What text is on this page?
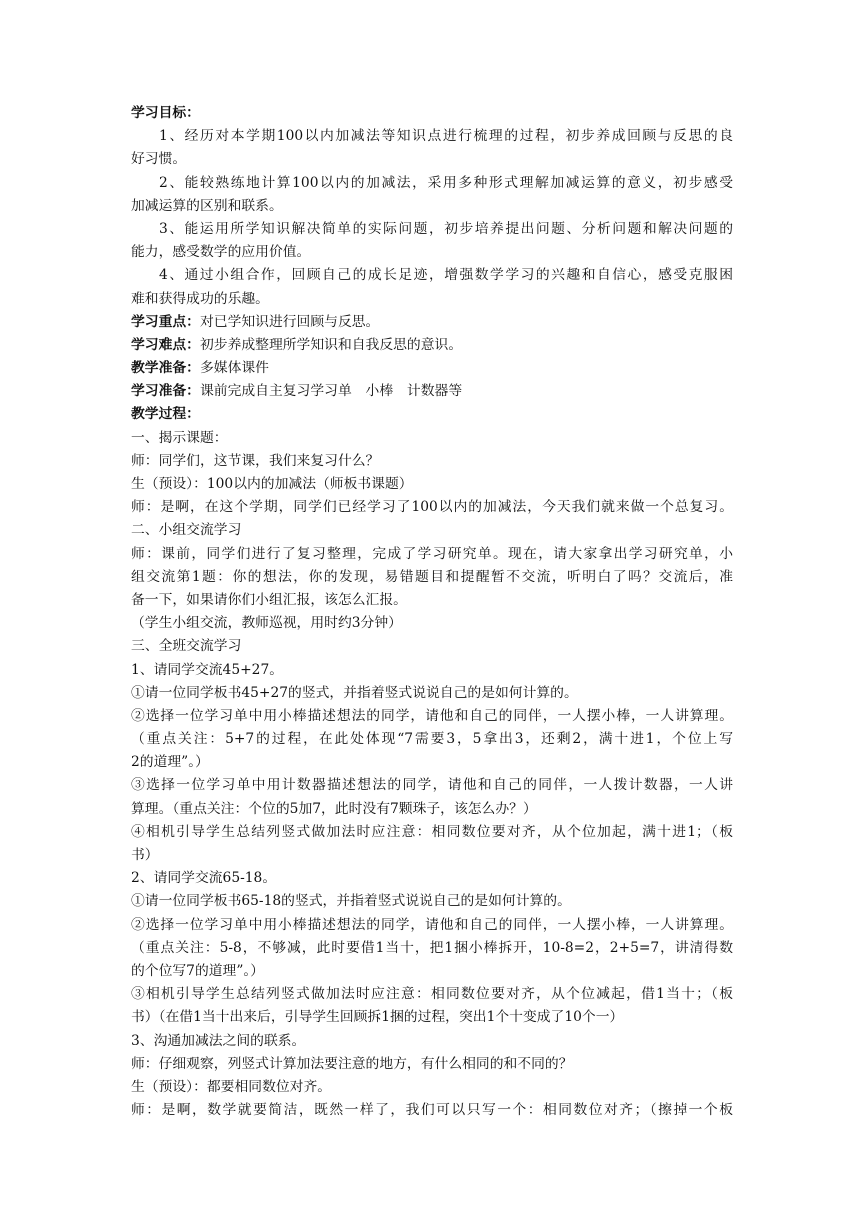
学习目标：
1、经历对本学期100以内加减法等知识点进行梳理的过程，初步养成回顾与反思的良
好习惯。
2、能较熟练地计算100以内的加减法，采用多种形式理解加减运算的意义，初步感受
加减运算的区别和联系。
3、能运用所学知识解决简单的实际问题，初步培养提出问题、分析问题和解决问题的
能力，感受数学的应用价值。
4、通过小组合作，回顾自己的成长足迹，增强数学学习的兴趣和自信心，感受克服困
难和获得成功的乐趣。
学习重点：对已学知识进行回顾与反思。
学习难点：初步养成整理所学知识和自我反思的意识。
教学准备：多媒体课件
学习准备：课前完成自主复习学习单　小棒　计数器等
教学过程：
一、揭示课题：
师：同学们，这节课，我们来复习什么？
生（预设）：100以内的加减法（师板书课题）
师：是啊，在这个学期，同学们已经学习了100以内的加减法，今天我们就来做一个总复习。
二、小组交流学习
师：课前，同学们进行了复习整理，完成了学习研究单。现在，请大家拿出学习研究单，小
组交流第1题：你的想法，你的发现，易错题目和提醒暂不交流，听明白了吗？交流后，准
备一下，如果请你们小组汇报，该怎么汇报。
（学生小组交流，教师巡视，用时约3分钟）
三、全班交流学习
1、请同学交流45+27。
①请一位同学板书45+27的竖式，并指着竖式说说自己的是如何计算的。
②选择一位学习单中用小棒描述想法的同学，请他和自己的同伴，一人摆小棒，一人讲算理。
（重点关注：5+7的过程，在此处体现“7需要3，5拿出3，还剩2，满十进1，个位上写
2的道理”。）
③选择一位学习单中用计数器描述想法的同学，请他和自己的同伴，一人拨计数器，一人讲
算理。（重点关注：个位的5加7，此时没有7颗珠子，该怎么办？）
④相机引导学生总结列竖式做加法时应注意：相同数位要对齐，从个位加起，满十进1；（板
书）
2、请同学交流65-18。
①请一位同学板书65-18的竖式，并指着竖式说说自己的是如何计算的。
②选择一位学习单中用小棒描述想法的同学，请他和自己的同伴，一人摆小棒，一人讲算理。
（重点关注：5-8，不够减，此时要借1当十，把1捆小棒拆开，10-8=2，2+5=7，讲清得数
的个位写7的道理”。）
③相机引导学生总结列竖式做加法时应注意：相同数位要对齐，从个位减起，借1当十；（板
书）（在借1当十出来后，引导学生回顾拆1捆的过程，突出1个十变成了10个一）
3、沟通加减法之间的联系。
师：仔细观察，列竖式计算加法要注意的地方，有什么相同的和不同的？
生（预设）：都要相同数位对齐。
师：是啊，数学就要简洁，既然一样了，我们可以只写一个：相同数位对齐；（擦掉一个板
